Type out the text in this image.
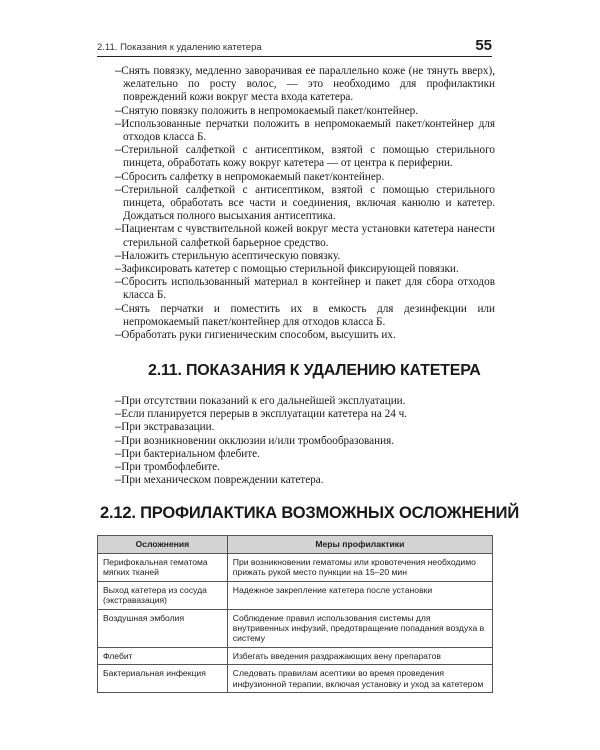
2.11. Показания к удалению катетера	55
–Снять повязку, медленно заворачивая ее параллельно коже (не тянуть вверх), желательно по росту волос, — это необходимо для профилактики повреждений кожи вокруг места входа катетера.
–Снятую повязку положить в непромокаемый пакет/контейнер.
–Использованные перчатки положить в непромокаемый пакет/контейнер для отходов класса Б.
–Стерильной салфеткой с антисептиком, взятой с помощью стерильного пинцета, обработать кожу вокруг катетера — от центра к периферии.
–Сбросить салфетку в непромокаемый пакет/контейнер.
–Стерильной салфеткой с антисептиком, взятой с помощью стерильного пинцета, обработать все части и соединения, включая канюлю и катетер. Дождаться полного высыхания антисептика.
–Пациентам с чувствительной кожей вокруг места установки катетера нанести стерильной салфеткой барьерное средство.
–Наложить стерильную асептическую повязку.
–Зафиксировать катетер с помощью стерильной фиксирующей повязки.
–Сбросить использованный материал в контейнер и пакет для сбора отходов класса Б.
–Снять перчатки и поместить их в емкость для дезинфекции или непромокаемый пакет/контейнер для отходов класса Б.
–Обработать руки гигиеническим способом, высушить их.
2.11. ПОКАЗАНИЯ К УДАЛЕНИЮ КАТЕТЕРА
–При отсутствии показаний к его дальнейшей эксплуатации.
–Если планируется перерыв в эксплуатации катетера на 24 ч.
–При экстравазации.
–При возникновении окклюзии и/или тромбообразования.
–При бактериальном флебите.
–При тромбофлебите.
–При механическом повреждении катетера.
2.12. ПРОФИЛАКТИКА ВОЗМОЖНЫХ ОСЛОЖНЕНИЙ
Осложнения	Меры профилактики
Перифокальная гематома мягких тканей	При возникновении гематомы или кровотечения необходимо прижать рукой место пункции на 15–20 мин
Выход катетера из сосуда (экстравазация)	Надежное закрепление катетера после установки
Воздушная эмболия	Соблюдение правил использования системы для внутривенных инфузий, предотвращение попадания воздуха в систему
Флебит	Избегать введения раздражающих вену препаратов
Бактериальная инфекция	Следовать правилам асептики во время проведения инфузионной терапии, включая установку и уход за катетером
